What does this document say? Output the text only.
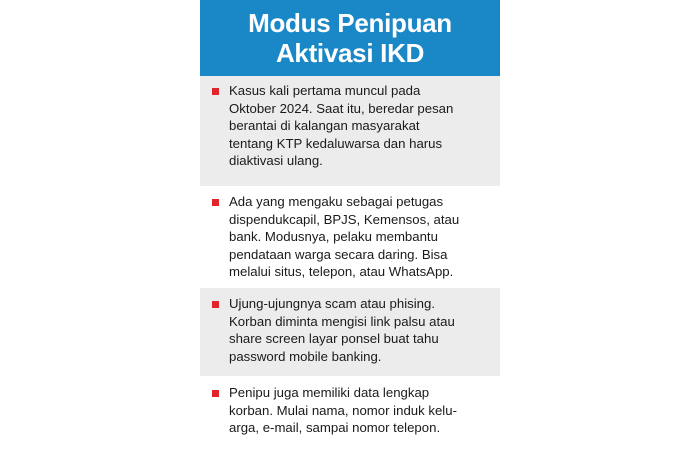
Modus Penipuan
Aktivasi IKD
Kasus kali pertama muncul pada
Oktober 2024. Saat itu, beredar pesan
berantai di kalangan masyarakat
tentang KTP kedaluwarsa dan harus
diaktivasi ulang.
Ada yang mengaku sebagai petugas
dispendukcapil, BPJS, Kemensos, atau
bank. Modusnya, pelaku membantu
pendataan warga secara daring. Bisa
melalui situs, telepon, atau WhatsApp.
Ujung-ujungnya scam atau phising.
Korban diminta mengisi link palsu atau
share screen layar ponsel buat tahu
password mobile banking.
Penipu juga memiliki data lengkap
korban. Mulai nama, nomor induk kelu-
arga, e-mail, sampai nomor telepon.
